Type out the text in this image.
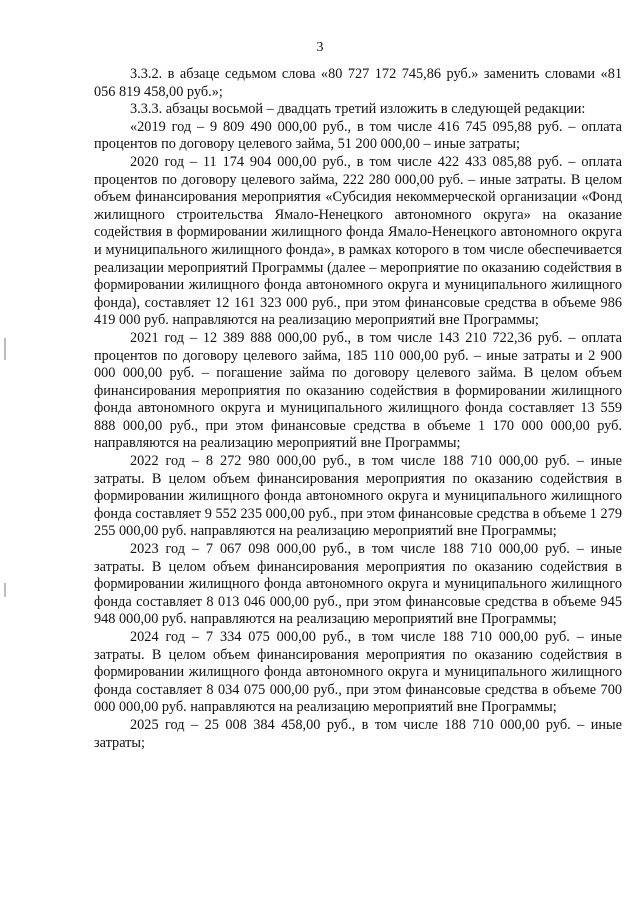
3

3.3.2. в абзаце седьмом слова «80 727 172 745,86 руб.» заменить словами «81 056 819 458,00 руб.»;

3.3.3. абзацы восьмой – двадцать третий изложить в следующей редакции:

«2019 год – 9 809 490 000,00 руб., в том числе 416 745 095,88 руб. – оплата процентов по договору целевого займа, 51 200 000,00 – иные затраты;

2020 год – 11 174 904 000,00 руб., в том числе 422 433 085,88 руб. – оплата процентов по договору целевого займа, 222 280 000,00 руб. – иные затраты. В целом объем финансирования мероприятия «Субсидия некоммерческой организации «Фонд жилищного строительства Ямало-Ненецкого автономного округа» на оказание содействия в формировании жилищного фонда Ямало-Ненецкого автономного округа и муниципального жилищного фонда», в рамках которого в том числе обеспечивается реализации мероприятий Программы (далее – мероприятие по оказанию содействия в формировании жилищного фонда автономного округа и муниципального жилищного фонда), составляет 12 161 323 000 руб., при этом финансовые средства в объеме 986 419 000 руб. направляются на реализацию мероприятий вне Программы;

2021 год – 12 389 888 000,00 руб., в том числе 143 210 722,36 руб. – оплата процентов по договору целевого займа, 185 110 000,00 руб. – иные затраты и 2 900 000 000,00 руб. – погашение займа по договору целевого займа. В целом объем финансирования мероприятия по оказанию содействия в формировании жилищного фонда автономного округа и муниципального жилищного фонда составляет 13 559 888 000,00 руб., при этом финансовые средства в объеме 1 170 000 000,00 руб. направляются на реализацию мероприятий вне Программы;

2022 год – 8 272 980 000,00 руб., в том числе 188 710 000,00 руб. – иные затраты. В целом объем финансирования мероприятия по оказанию содействия в формировании жилищного фонда автономного округа и муниципального жилищного фонда составляет 9 552 235 000,00 руб., при этом финансовые средства в объеме 1 279 255 000,00 руб. направляются на реализацию мероприятий вне Программы;

2023 год – 7 067 098 000,00 руб., в том числе 188 710 000,00 руб. – иные затраты. В целом объем финансирования мероприятия по оказанию содействия в формировании жилищного фонда автономного округа и муниципального жилищного фонда составляет 8 013 046 000,00 руб., при этом финансовые средства в объеме 945 948 000,00 руб. направляются на реализацию мероприятий вне Программы;

2024 год – 7 334 075 000,00 руб., в том числе 188 710 000,00 руб. – иные затраты. В целом объем финансирования мероприятия по оказанию содействия в формировании жилищного фонда автономного округа и муниципального жилищного фонда составляет 8 034 075 000,00 руб., при этом финансовые средства в объеме 700 000 000,00 руб. направляются на реализацию мероприятий вне Программы;

2025 год – 25 008 384 458,00 руб., в том числе 188 710 000,00 руб. – иные затраты;
